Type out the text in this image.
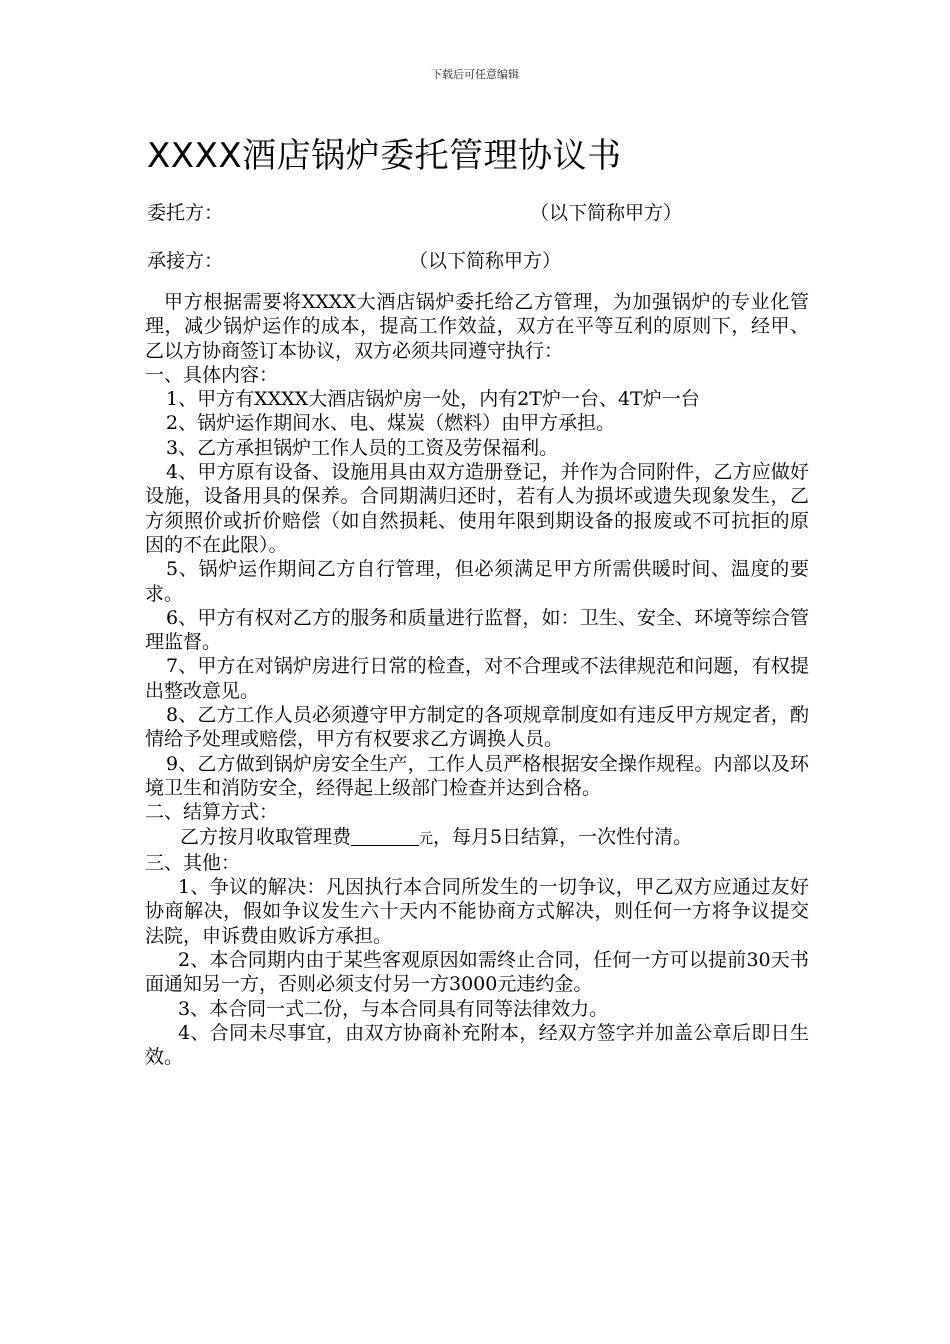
下载后可任意编辑
XXXX酒店锅炉委托管理协议书
委托方：	（以下简称甲方）
承接方：	（以下简称甲方）

甲方根据需要将XXXX大酒店锅炉委托给乙方管理，为加强锅炉的专业化管理，减少锅炉运作的成本，提高工作效益，双方在平等互利的原则下，经甲、乙以方协商签订本协议，双方必须共同遵守执行：

一、具体内容：

1、甲方有XXXX大酒店锅炉房一处，内有2T炉一台、4T炉一台

2、锅炉运作期间水、电、煤炭（燃料）由甲方承担。

3、乙方承担锅炉工作人员的工资及劳保福利。

4、甲方原有设备、设施用具由双方造册登记，并作为合同附件，乙方应做好设施，设备用具的保养。合同期满归还时，若有人为损坏或遗失现象发生，乙方须照价或折价赔偿（如自然损耗、使用年限到期设备的报废或不可抗拒的原因的不在此限）。

5、锅炉运作期间乙方自行管理，但必须满足甲方所需供暖时间、温度的要求。

6、甲方有权对乙方的服务和质量进行监督，如：卫生、安全、环境等综合管理监督。

7、甲方在对锅炉房进行日常的检查，对不合理或不法律规范和问题，有权提出整改意见。

8、乙方工作人员必须遵守甲方制定的各项规章制度如有违反甲方规定者，酌情给予处理或赔偿，甲方有权要求乙方调换人员。

9、乙方做到锅炉房安全生产，工作人员严格根据安全操作规程。内部以及环境卫生和消防安全，经得起上级部门检查并达到合格。

二、结算方式：

乙方按月收取管理费	元，每月5日结算，一次性付清。

三、其他：

1、争议的解决：凡因执行本合同所发生的一切争议，甲乙双方应通过友好协商解决，假如争议发生六十天内不能协商方式解决，则任何一方将争议提交法院，申诉费由败诉方承担。

2、本合同期内由于某些客观原因如需终止合同，任何一方可以提前30天书面通知另一方，否则必须支付另一方3000元违约金。

3、本合同一式二份，与本合同具有同等法律效力。

4、合同未尽事宜，由双方协商补充附本，经双方签字并加盖公章后即日生效。
